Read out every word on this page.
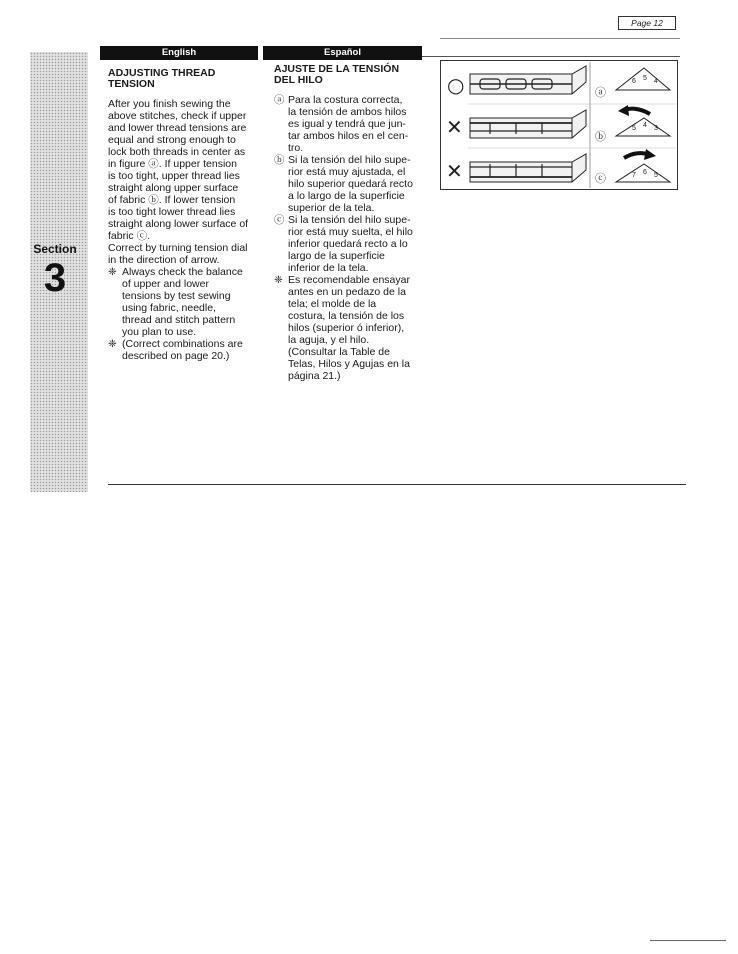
Page 12
Section
3
English	Español
ADJUSTING THREAD
TENSION

After you finish sewing the
above stitches, check if upper
and lower thread tensions are
equal and strong enough to
lock both threads in center as
in figure ⓐ. If upper tension
is too tight, upper thread lies
straight along upper surface
of fabric ⓑ. If lower tension
is too tight lower thread lies
straight along lower surface of
fabric ⓒ.
Correct by turning tension dial
in the direction of arrow.

❈ Always check the balance
of upper and lower
tensions by test sewing
using fabric, needle,
thread and stitch pattern
you plan to use.
❈ (Correct combinations are
described on page 20.)
AJUSTE DE LA TENSIÓN
DEL HILO
ⓐ Para la costura correcta,
la tensión de ambos hilos
es igual y tendrá que jun-
tar ambos hilos en el cen-
tro.
ⓑ Si la tensión del hilo supe-
rior está muy ajustada, el
hilo superior quedará recto
a lo largo de la superficie
superior de la tela.
ⓒ Si la tensión del hilo supe-
rior está muy suelta, el hilo
inferior quedará recto a lo
largo de la superficie
inferior de la tela.
❈ Es recomendable ensayar
antes en un pedazo de la
tela; el molde de la
costura, la tensión de los
hilos (superior ó inferior),
la aguja, y el hilo.
(Consultar la Table de
Telas, Hilos y Agujas en la
página 21.)
○	ⓐ
6 5 4
✕	ⓑ
5 4 3
✕	ⓒ	7 6 5
